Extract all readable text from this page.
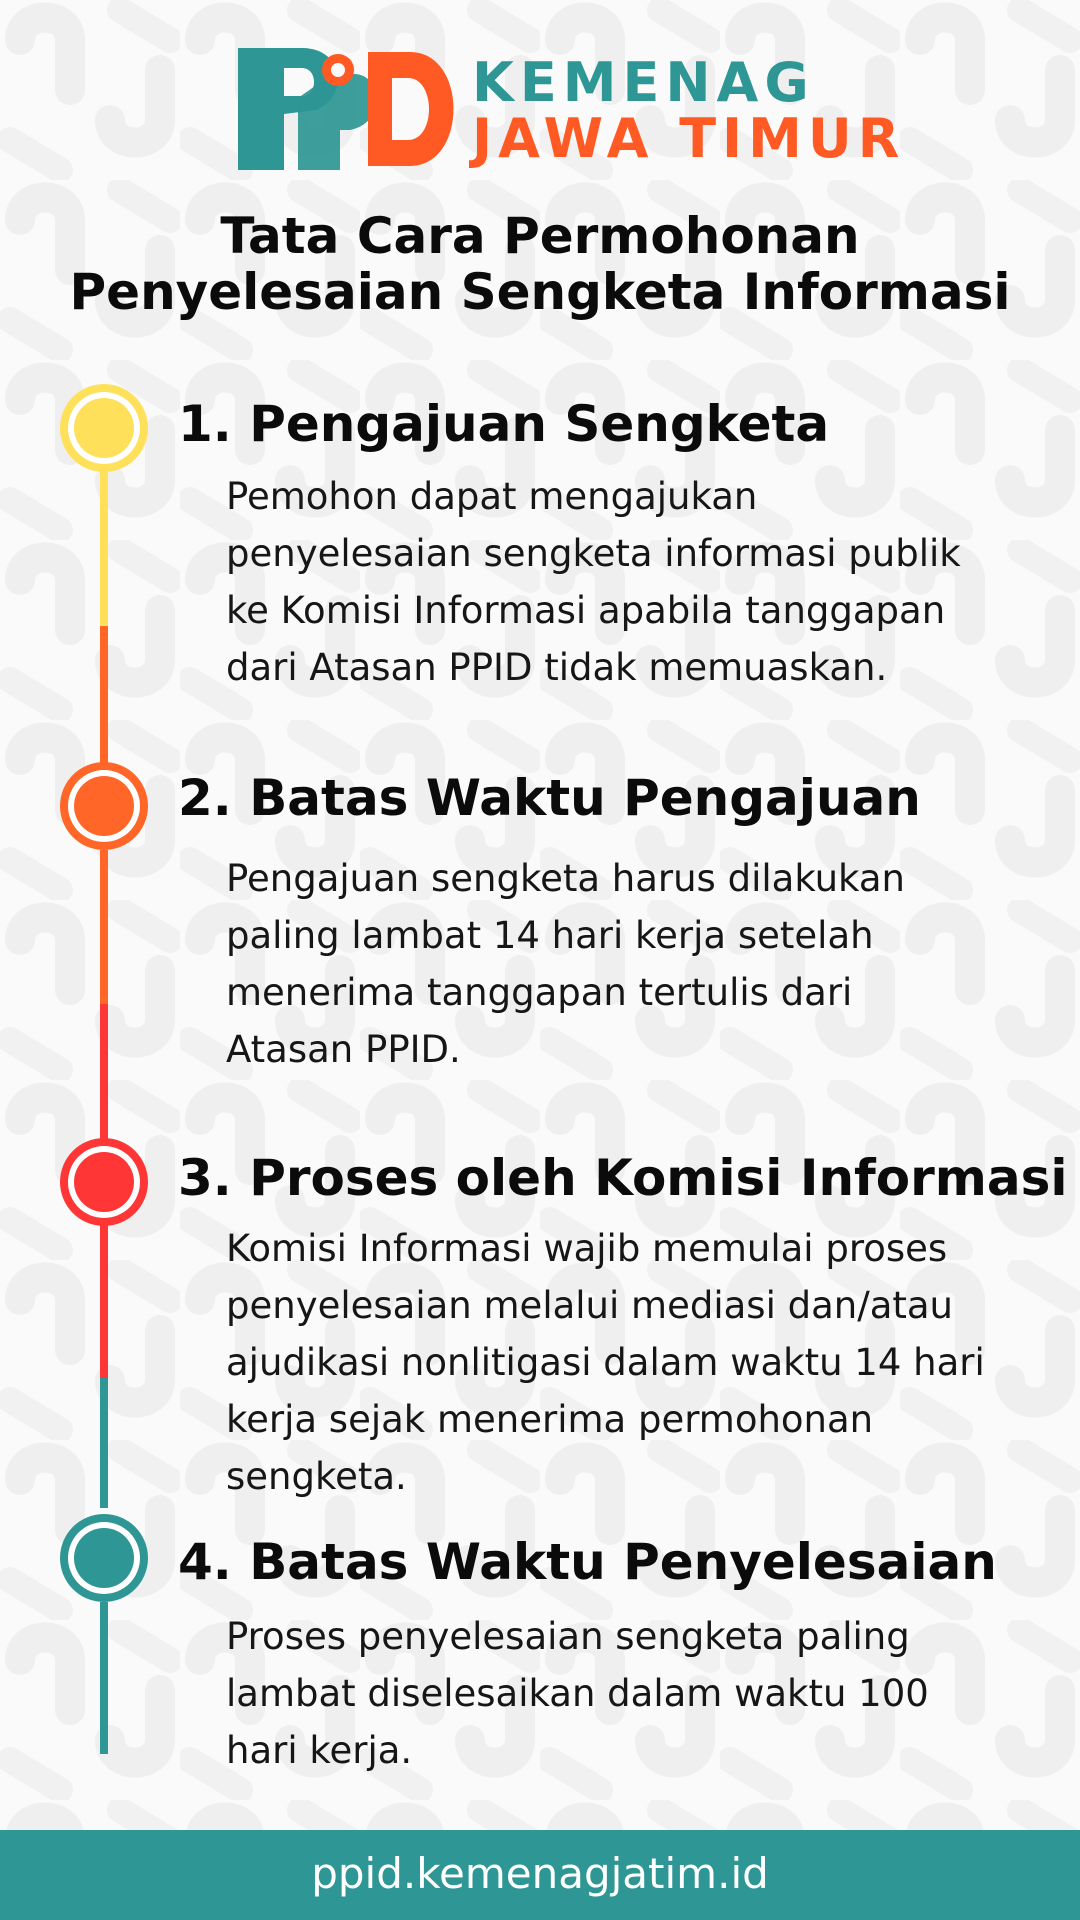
KEMENAG
JAWA TIMUR
Tata Cara Permohonan
Penyelesaian Sengketa Informasi
1. Pengajuan Sengketa
Pemohon dapat mengajukan
penyelesaian sengketa informasi publik
ke Komisi Informasi apabila tanggapan
dari Atasan PPID tidak memuaskan.
2. Batas Waktu Pengajuan
Pengajuan sengketa harus dilakukan
paling lambat 14 hari kerja setelah
menerima tanggapan tertulis dari
Atasan PPID.
3. Proses oleh Komisi Informasi
Komisi Informasi wajib memulai proses
penyelesaian melalui mediasi dan/atau
ajudikasi nonlitigasi dalam waktu 14 hari
kerja sejak menerima permohonan
sengketa.
4. Batas Waktu Penyelesaian
Proses penyelesaian sengketa paling
lambat diselesaikan dalam waktu 100
hari kerja.
ppid.kemenagjatim.id
